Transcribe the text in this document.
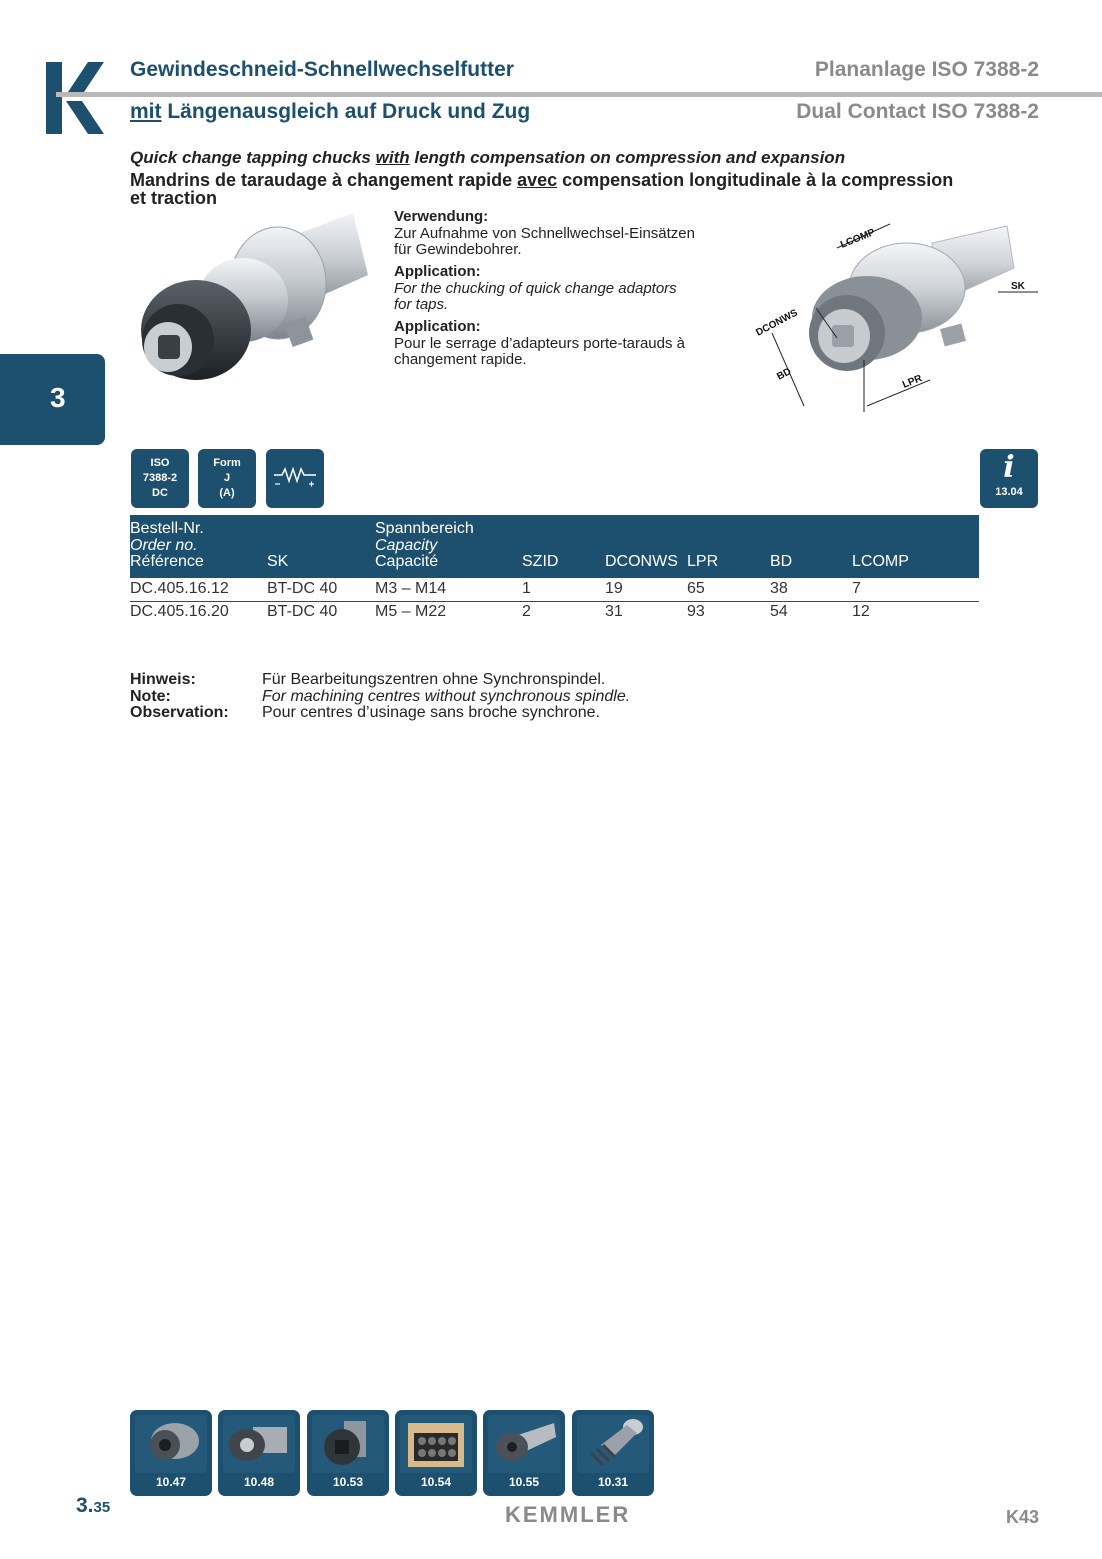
Gewindeschneid-Schnellwechselfutter
mit Längenausgleich auf Druck und Zug
Plananlage ISO 7388-2
Dual Contact ISO 7388-2
Quick change tapping chucks with length compensation on compression and expansion
Mandrins de taraudage à changement rapide avec compensation longitudinale à la compression
et traction
Verwendung:
Zur Aufnahme von Schnellwechsel-Einsätzen
für Gewindebohrer.
Application:
For the chucking of quick change adaptors
for taps.
Application:
Pour le serrage d’adapteurs porte-tarauds à
changement rapide.
LCOMP
SK
DCONWS
BD	LPR
3
ISO
7388-2
DC
Form
J
(A)
i
13.04
Bestell-Nr.
Order no.
Référence	SK
Spannbereich
Capacity
Capacité	SZID	DCONWS LPR	BD	LCOMP
DC.405.16.12 BT-DC 40 M3 – M14	1	19	65	38	7
DC.405.16.20 BT-DC 40 M5 – M22	2	31	93	54	12
Hinweis:	Für Bearbeitungszentren ohne Synchronspindel.
Note:	For machining centres without synchronous spindle.
Observation: Pour centres d’usinage sans broche synchrone.
10.47	10.48	10.53	10.54	10.55	10.31
3.35	KEMMLER	K43
